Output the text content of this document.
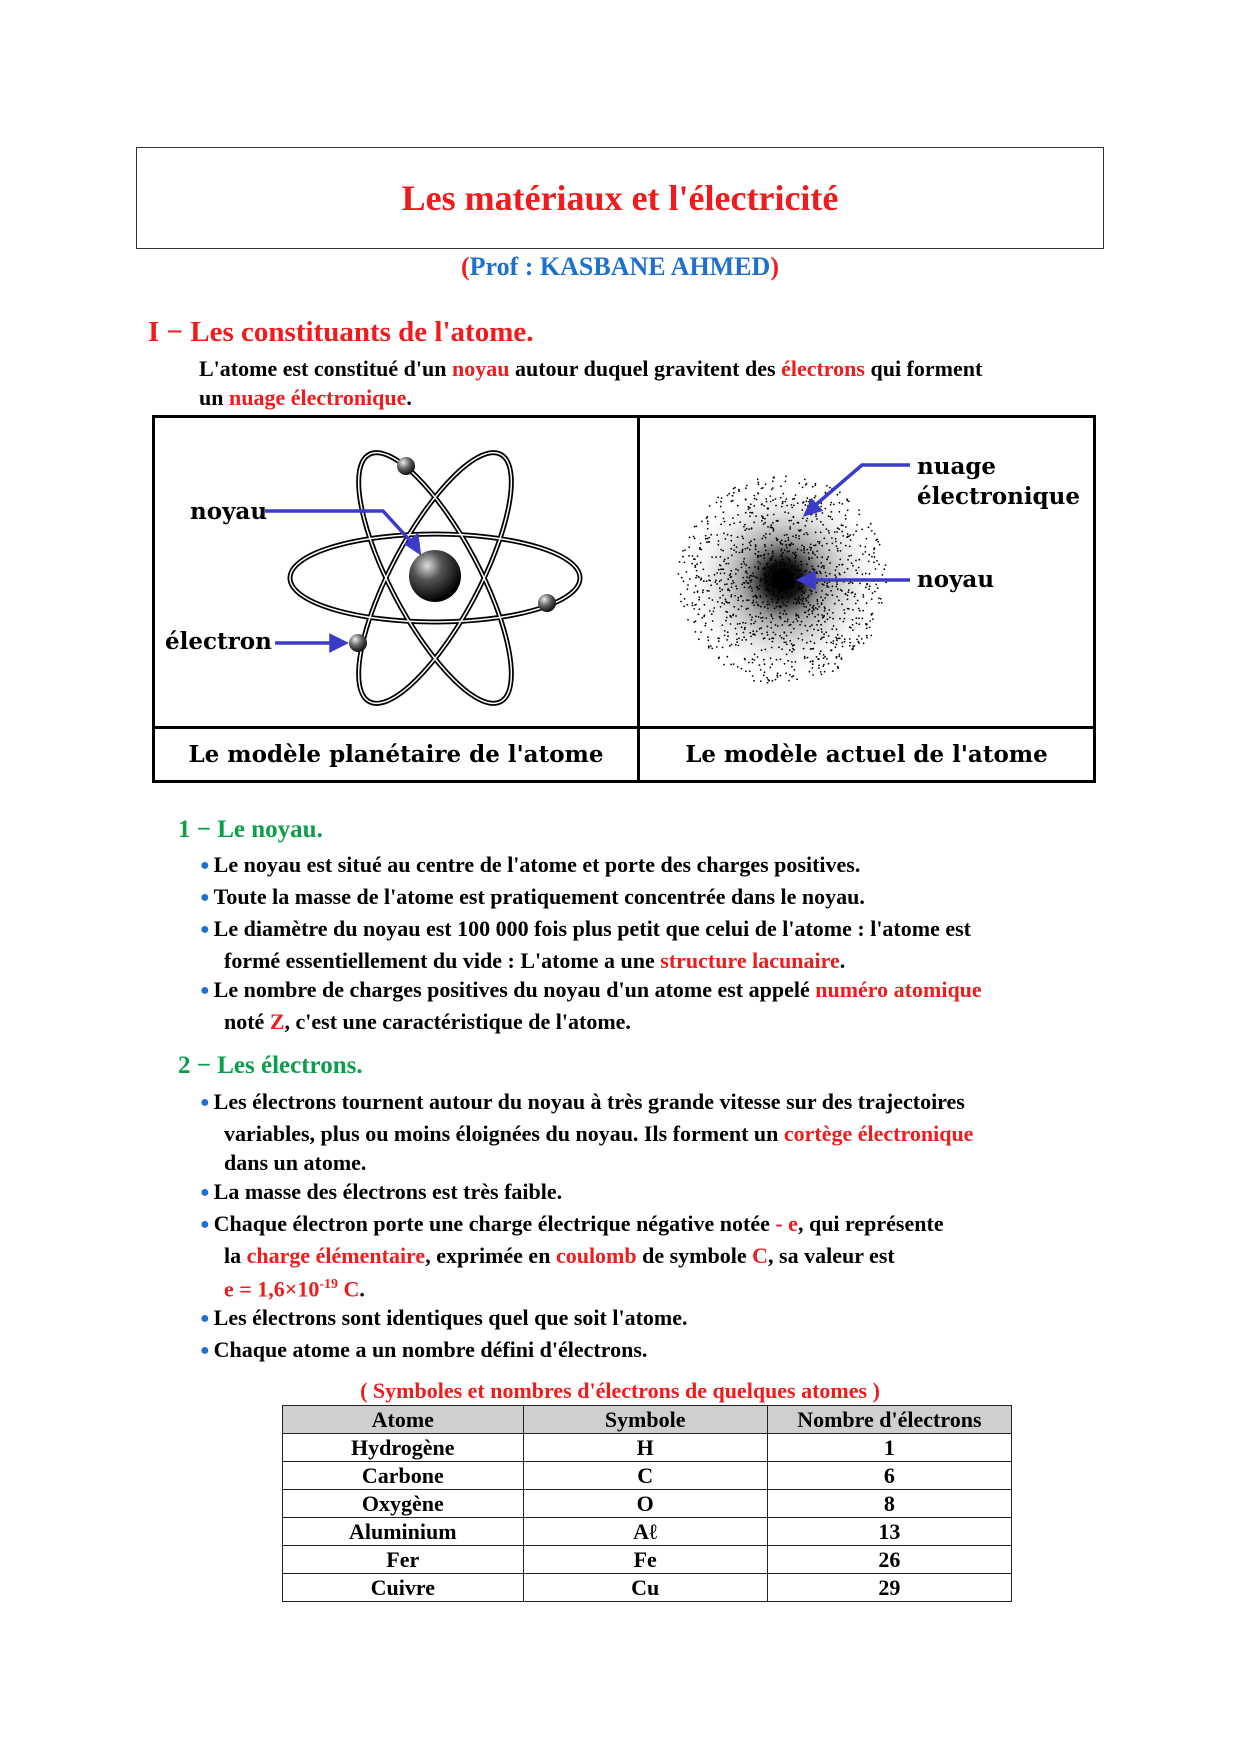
Les matériaux et l'électricité
(Prof : KASBANE AHMED)
I − Les constituants de l'atome.
L'atome est constitué d'un noyau autour duquel gravitent des électrons qui forment
un nuage électronique.
noyau
électron
nuage
électronique
noyau
Le modèle planétaire de l'atome	Le modèle actuel de l'atome
1 − Le noyau.
● Le noyau est situé au centre de l'atome et porte des charges positives.
● Toute la masse de l'atome est pratiquement concentrée dans le noyau.
● Le diamètre du noyau est 100 000 fois plus petit que celui de l'atome : l'atome est
formé essentiellement du vide : L'atome a une structure lacunaire.
● Le nombre de charges positives du noyau d'un atome est appelé numéro atomique
noté Z, c'est une caractéristique de l'atome.
2 − Les électrons.
● Les électrons tournent autour du noyau à très grande vitesse sur des trajectoires
variables, plus ou moins éloignées du noyau. Ils forment un cortège électronique
dans un atome.
● La masse des électrons est très faible.
● Chaque électron porte une charge électrique négative notée - e, qui représente
la charge élémentaire, exprimée en coulomb de symbole C, sa valeur est
$e = 1,6\times 10^{-19}$ C.
● Les électrons sont identiques quel que soit l'atome.
● Chaque atome a un nombre défini d'électrons.
( Symboles et nombres d'électrons de quelques atomes )
Atome	Symbole	Nombre d'électrons
Hydrogène	H	1
Carbone	C	6
Oxygène	O	8
Aluminium	Aℓ	13
Fer	Fe	26
Cuivre	Cu	29
